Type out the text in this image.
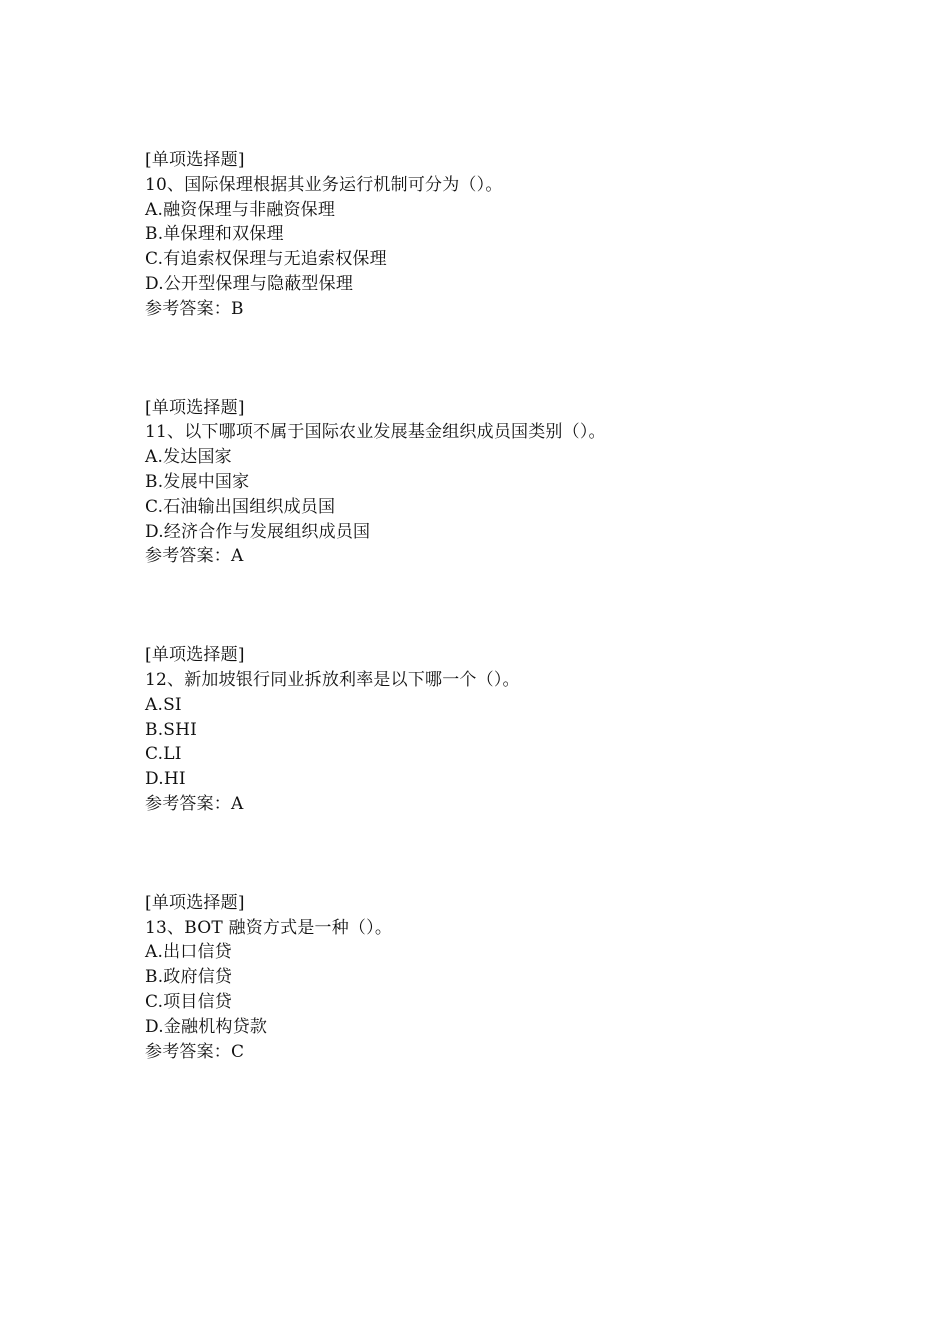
[单项选择题]
10、国际保理根据其业务运行机制可分为（）。
A.融资保理与非融资保理
B.单保理和双保理
C.有追索权保理与无追索权保理
D.公开型保理与隐蔽型保理
参考答案：B
[单项选择题]
11、以下哪项不属于国际农业发展基金组织成员国类别（）。
A.发达国家
B.发展中国家
C.石油输出国组织成员国
D.经济合作与发展组织成员国
参考答案：A
[单项选择题]
12、新加坡银行同业拆放利率是以下哪一个（）。
A.SI
B.SHI
C.LI
D.HI
参考答案：A
[单项选择题]
13、BOT 融资方式是一种（）。
A.出口信贷
B.政府信贷
C.项目信贷
D.金融机构贷款
参考答案：C
